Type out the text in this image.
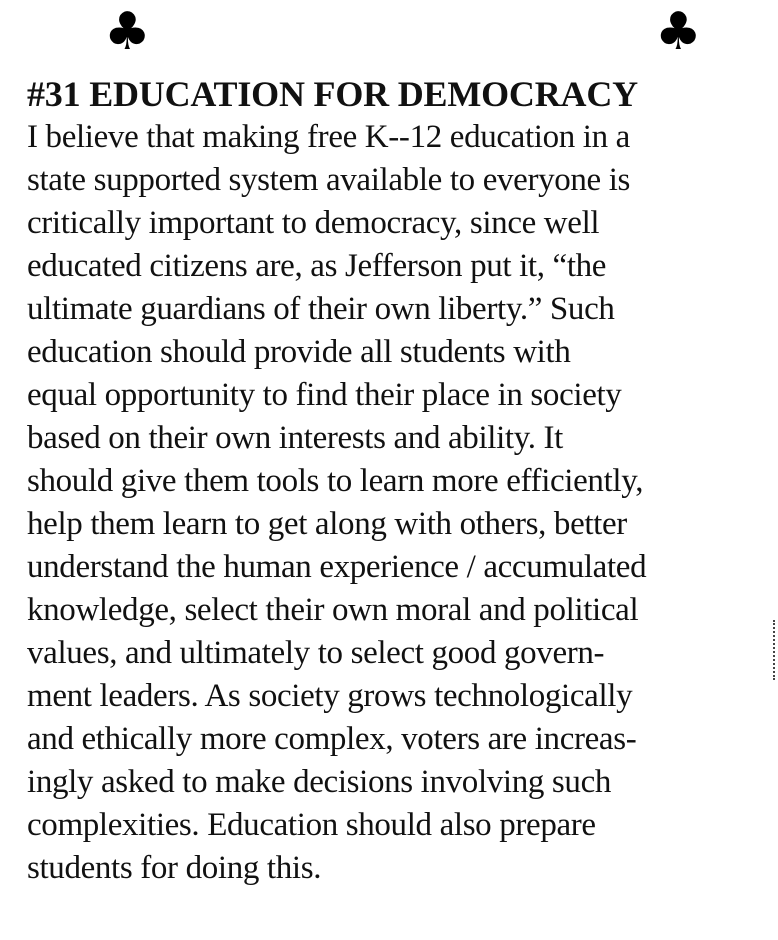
♣	♣
#31 EDUCATION FOR DEMOCRACY
I believe that making free K--12 education in a
state supported system available to everyone is
critically important to democracy, since well
educated citizens are, as Jefferson put it, “the
ultimate guardians of their own liberty.” Such
education should provide all students with
equal opportunity to find their place in society
based on their own interests and ability. It
should give them tools to learn more efficiently,
help them learn to get along with others, better
understand the human experience / accumulated
knowledge, select their own moral and political
values, and ultimately to select good govern-
ment leaders. As society grows technologically
and ethically more complex, voters are increas-
ingly asked to make decisions involving such
complexities. Education should also prepare
students for doing this.
